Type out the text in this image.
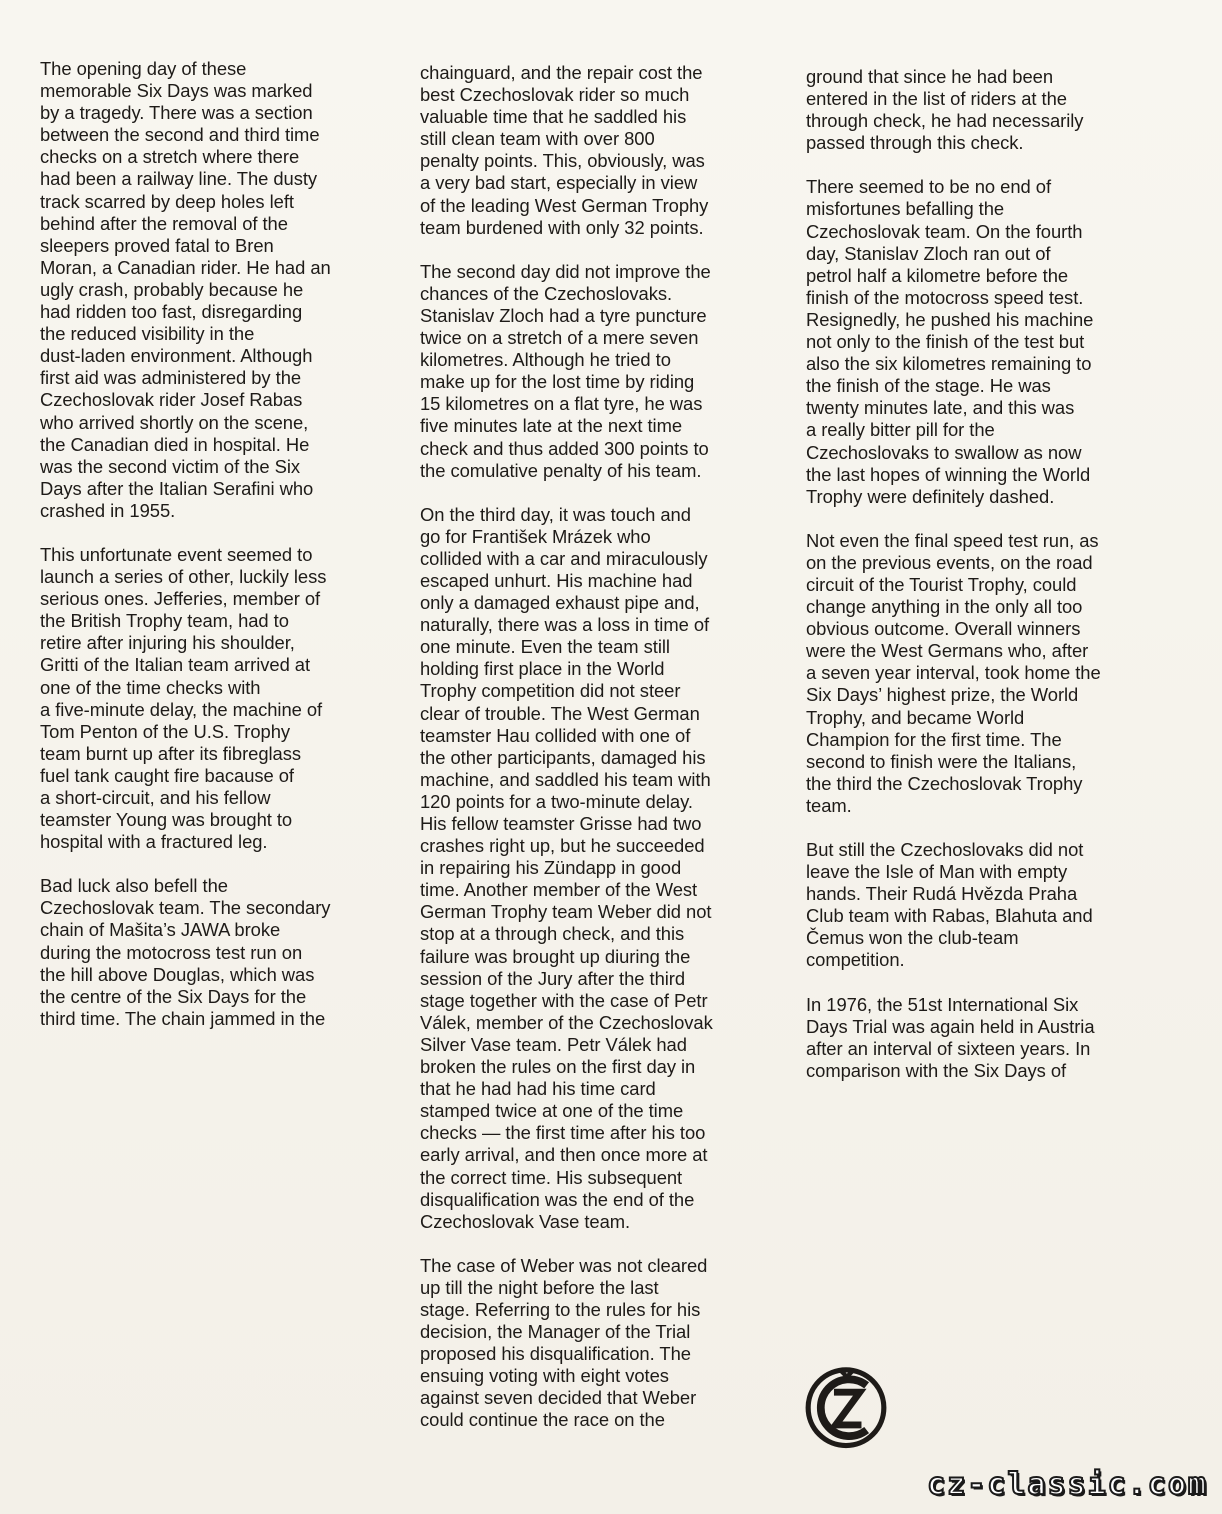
The opening day of these
memorable Six Days was marked
by a tragedy. There was a section
between the second and third time
checks on a stretch where there
had been a railway line. The dusty
track scarred by deep holes left
behind after the removal of the
sleepers proved fatal to Bren
Moran, a Canadian rider. He had an
ugly crash, probably because he
had ridden too fast, disregarding
the reduced visibility in the
dust-laden environment. Although
first aid was administered by the
Czechoslovak rider Josef Rabas
who arrived shortly on the scene,
the Canadian died in hospital. He
was the second victim of the Six
Days after the Italian Serafini who
crashed in 1955.

This unfortunate event seemed to
launch a series of other, luckily less
serious ones. Jefferies, member of
the British Trophy team, had to
retire after injuring his shoulder,
Gritti of the Italian team arrived at
one of the time checks with
a five-minute delay, the machine of
Tom Penton of the U.S. Trophy
team burnt up after its fibreglass
fuel tank caught fire bacause of
a short-circuit, and his fellow
teamster Young was brought to
hospital with a fractured leg.

Bad luck also befell the
Czechoslovak team. The secondary
chain of Mašita’s JAWA broke
during the motocross test run on
the hill above Douglas, which was
the centre of the Six Days for the
third time. The chain jammed in the

chainguard, and the repair cost the
best Czechoslovak rider so much
valuable time that he saddled his
still clean team with over 800
penalty points. This, obviously, was
a very bad start, especially in view
of the leading West German Trophy
team burdened with only 32 points.

The second day did not improve the
chances of the Czechoslovaks.
Stanislav Zloch had a tyre puncture
twice on a stretch of a mere seven
kilometres. Although he tried to
make up for the lost time by riding
15 kilometres on a flat tyre, he was
five minutes late at the next time
check and thus added 300 points to
the comulative penalty of his team.

On the third day, it was touch and
go for František Mrázek who
collided with a car and miraculously
escaped unhurt. His machine had
only a damaged exhaust pipe and,
naturally, there was a loss in time of
one minute. Even the team still
holding first place in the World
Trophy competition did not steer
clear of trouble. The West German
teamster Hau collided with one of
the other participants, damaged his
machine, and saddled his team with
120 points for a two-minute delay.
His fellow teamster Grisse had two
crashes right up, but he succeeded
in repairing his Zündapp in good
time. Another member of the West
German Trophy team Weber did not
stop at a through check, and this
failure was brought up diuring the
session of the Jury after the third
stage together with the case of Petr
Válek, member of the Czechoslovak
Silver Vase team. Petr Válek had
broken the rules on the first day in
that he had had his time card
stamped twice at one of the time
checks — the first time after his too
early arrival, and then once more at
the correct time. His subsequent
disqualification was the end of the
Czechoslovak Vase team.

The case of Weber was not cleared
up till the night before the last
stage. Referring to the rules for his
decision, the Manager of the Trial
proposed his disqualification. The
ensuing voting with eight votes
against seven decided that Weber
could continue the race on the

ground that since he had been
entered in the list of riders at the
through check, he had necessarily
passed through this check.

There seemed to be no end of
misfortunes befalling the
Czechoslovak team. On the fourth
day, Stanislav Zloch ran out of
petrol half a kilometre before the
finish of the motocross speed test.
Resignedly, he pushed his machine
not only to the finish of the test but
also the six kilometres remaining to
the finish of the stage. He was
twenty minutes late, and this was
a really bitter pill for the
Czechoslovaks to swallow as now
the last hopes of winning the World
Trophy were definitely dashed.

Not even the final speed test run, as
on the previous events, on the road
circuit of the Tourist Trophy, could
change anything in the only all too
obvious outcome. Overall winners
were the West Germans who, after
a seven year interval, took home the
Six Days’ highest prize, the World
Trophy, and became World
Champion for the first time. The
second to finish were the Italians,
the third the Czechoslovak Trophy
team.

But still the Czechoslovaks did not
leave the Isle of Man with empty
hands. Their Rudá Hvězda Praha
Club team with Rabas, Blahuta and
Čemus won the club-team
competition.

In 1976, the 51st International Six
Days Trial was again held in Austria
after an interval of sixteen years. In
comparison with the Six Days of

cz-classic.com
